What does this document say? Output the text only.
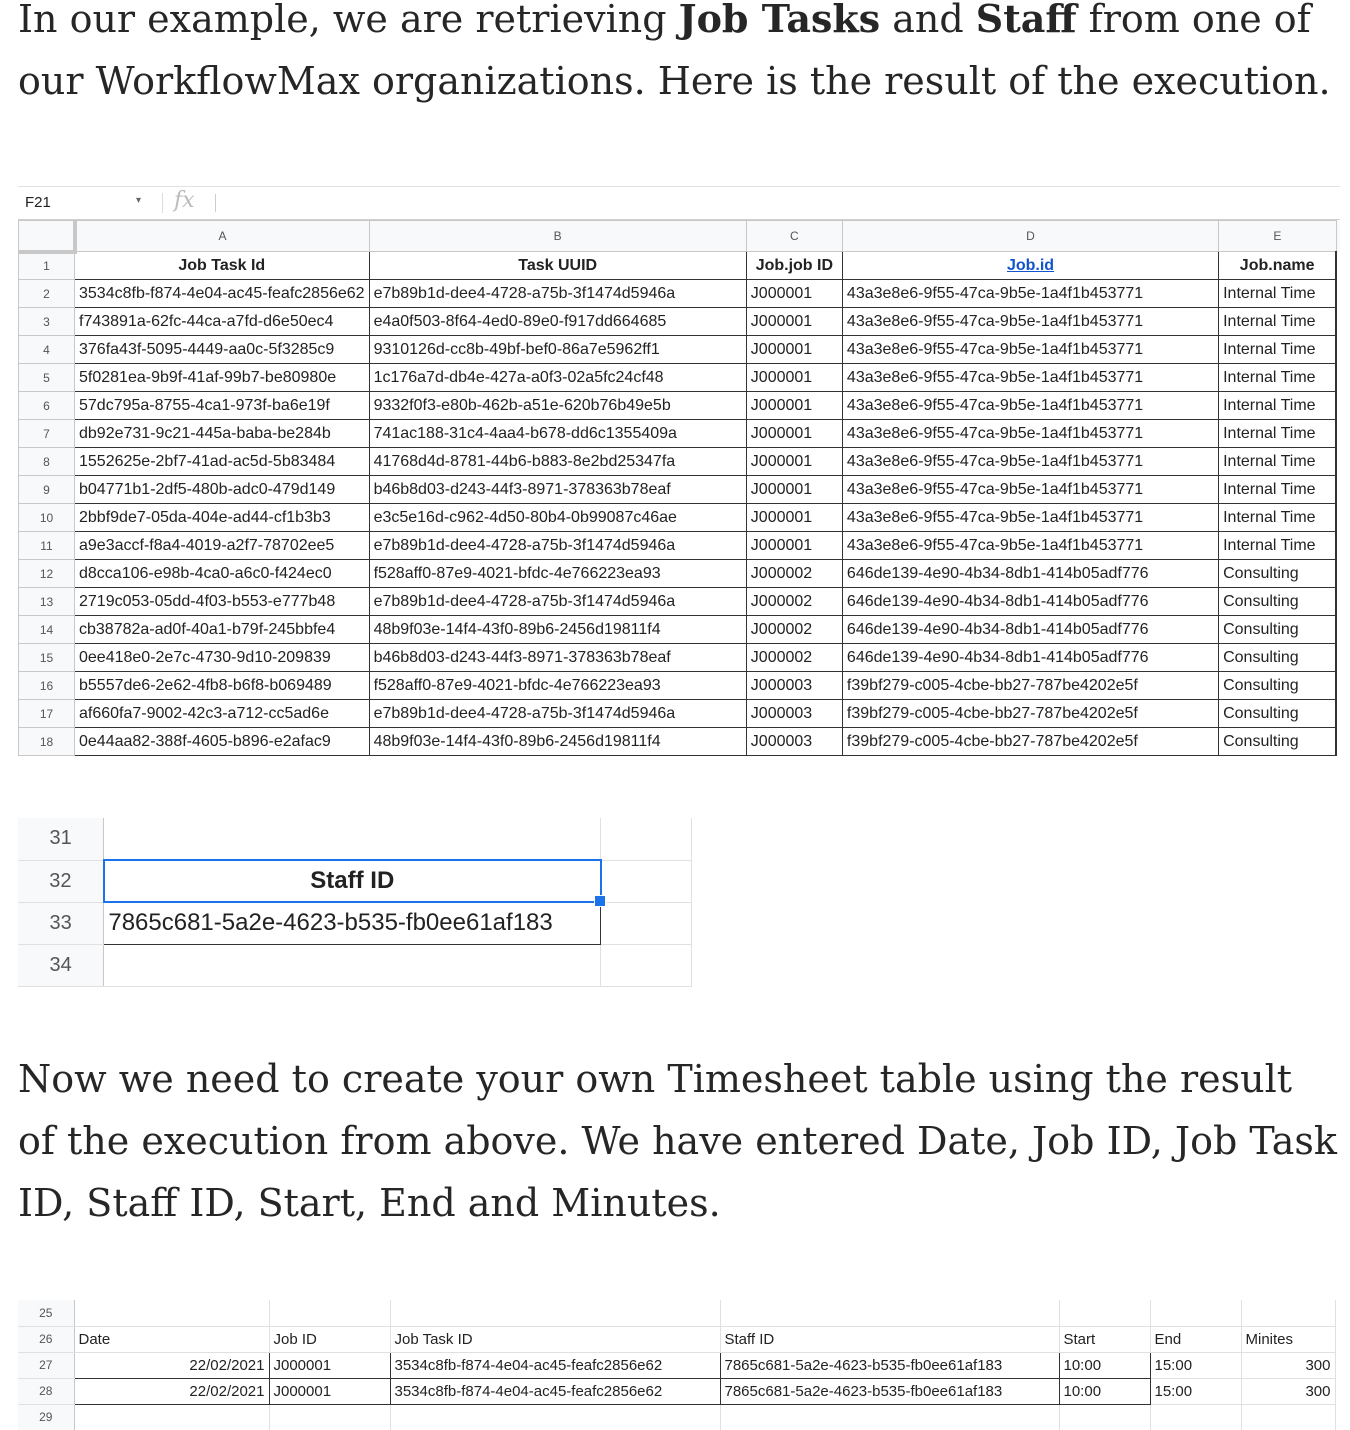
In our example, we are retrieving Job Tasks and Staff from one of our WorkflowMax organizations. Here is the result of the execution.

F21	▾ fx
	A	B	C	D	E	
1	Job Task Id	Task UUID	Job.job ID	Job.id	Job.name	
2	3534c8fb-f874-4e04-ac45-feafc2856e62	e7b89b1d-dee4-4728-a75b-3f1474d5946a	J000001	43a3e8e6-9f55-47ca-9b5e-1a4f1b453771	Internal Time	
3	f743891a-62fc-44ca-a7fd-d6e50ec4	e4a0f503-8f64-4ed0-89e0-f917dd664685	J000001	43a3e8e6-9f55-47ca-9b5e-1a4f1b453771	Internal Time	
4	376fa43f-5095-4449-aa0c-5f3285c9	9310126d-cc8b-49bf-bef0-86a7e5962ff1	J000001	43a3e8e6-9f55-47ca-9b5e-1a4f1b453771	Internal Time	
5	5f0281ea-9b9f-41af-99b7-be80980e	1c176a7d-db4e-427a-a0f3-02a5fc24cf48	J000001	43a3e8e6-9f55-47ca-9b5e-1a4f1b453771	Internal Time	
6	57dc795a-8755-4ca1-973f-ba6e19f	9332f0f3-e80b-462b-a51e-620b76b49e5b	J000001	43a3e8e6-9f55-47ca-9b5e-1a4f1b453771	Internal Time	
7	db92e731-9c21-445a-baba-be284b	741ac188-31c4-4aa4-b678-dd6c1355409a	J000001	43a3e8e6-9f55-47ca-9b5e-1a4f1b453771	Internal Time	
8	1552625e-2bf7-41ad-ac5d-5b83484	41768d4d-8781-44b6-b883-8e2bd25347fa	J000001	43a3e8e6-9f55-47ca-9b5e-1a4f1b453771	Internal Time	
9	b04771b1-2df5-480b-adc0-479d149	b46b8d03-d243-44f3-8971-378363b78eaf	J000001	43a3e8e6-9f55-47ca-9b5e-1a4f1b453771	Internal Time	
10	2bbf9de7-05da-404e-ad44-cf1b3b3	e3c5e16d-c962-4d50-80b4-0b99087c46ae	J000001	43a3e8e6-9f55-47ca-9b5e-1a4f1b453771	Internal Time	
11	a9e3accf-f8a4-4019-a2f7-78702ee5	e7b89b1d-dee4-4728-a75b-3f1474d5946a	J000001	43a3e8e6-9f55-47ca-9b5e-1a4f1b453771	Internal Time	
12	d8cca106-e98b-4ca0-a6c0-f424ec0	f528aff0-87e9-4021-bfdc-4e766223ea93	J000002	646de139-4e90-4b34-8db1-414b05adf776	Consulting	
13	2719c053-05dd-4f03-b553-e777b48	e7b89b1d-dee4-4728-a75b-3f1474d5946a	J000002	646de139-4e90-4b34-8db1-414b05adf776	Consulting	
14	cb38782a-ad0f-40a1-b79f-245bbfe4	48b9f03e-14f4-43f0-89b6-2456d19811f4	J000002	646de139-4e90-4b34-8db1-414b05adf776	Consulting	
15	0ee418e0-2e7c-4730-9d10-209839	b46b8d03-d243-44f3-8971-378363b78eaf	J000002	646de139-4e90-4b34-8db1-414b05adf776	Consulting	
16	b5557de6-2e62-4fb8-b6f8-b069489	f528aff0-87e9-4021-bfdc-4e766223ea93	J000003	f39bf279-c005-4cbe-bb27-787be4202e5f	Consulting	
17	af660fa7-9002-42c3-a712-cc5ad6e	e7b89b1d-dee4-4728-a75b-3f1474d5946a	J000003	f39bf279-c005-4cbe-bb27-787be4202e5f	Consulting	
18	0e44aa82-388f-4605-b896-e2afac9	48b9f03e-14f4-43f0-89b6-2456d19811f4	J000003	f39bf279-c005-4cbe-bb27-787be4202e5f	Consulting	
31		
32	Staff ID

33	7865c681-5a2e-4623-b535-fb0ee61af183	
34		

Now we need to create your own Timesheet table using the result of the execution from above. We have entered Date, Job ID, Job Task ID, Staff ID, Start, End and Minutes.

25							
26	Date	Job ID	Job Task ID	Staff ID	Start	End	Minites
27	22/02/2021	J000001	3534c8fb-f874-4e04-ac45-feafc2856e62	7865c681-5a2e-4623-b535-fb0ee61af183	10:00	15:00	300
28	22/02/2021	J000001	3534c8fb-f874-4e04-ac45-feafc2856e62	7865c681-5a2e-4623-b535-fb0ee61af183	10:00	15:00	300
29							
